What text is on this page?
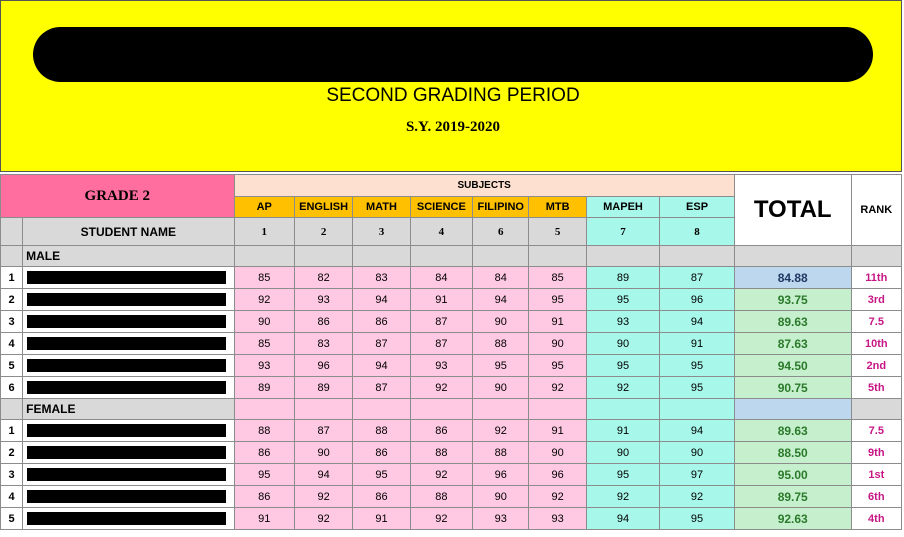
SECOND GRADING PERIOD
S.Y. 2019-2020
GRADE 2		SUBJECTS								TOTAL	RANK
		AP	ENGLISH	MATH	SCIENCE	FILIPINO	MTB	MAPEH	ESP		
	STUDENT NAME	1	2	3	4	6	5	7	8		
	MALE										
1		85	82	83	84	84	85	89	87	84.88	11th
2		92	93	94	91	94	95	95	96	93.75	3rd
3		90	86	86	87	90	91	93	94	89.63	7.5
4		85	83	87	87	88	90	90	91	87.63	10th
5		93	96	94	93	95	95	95	95	94.50	2nd
6		89	89	87	92	90	92	92	95	90.75	5th
	FEMALE										
1		88	87	88	86	92	91	91	94	89.63	7.5
2		86	90	86	88	88	90	90	90	88.50	9th
3		95	94	95	92	96	96	95	97	95.00	1st
4		86	92	86	88	90	92	92	92	89.75	6th
5		91	92	91	92	93	93	94	95	92.63	4th
